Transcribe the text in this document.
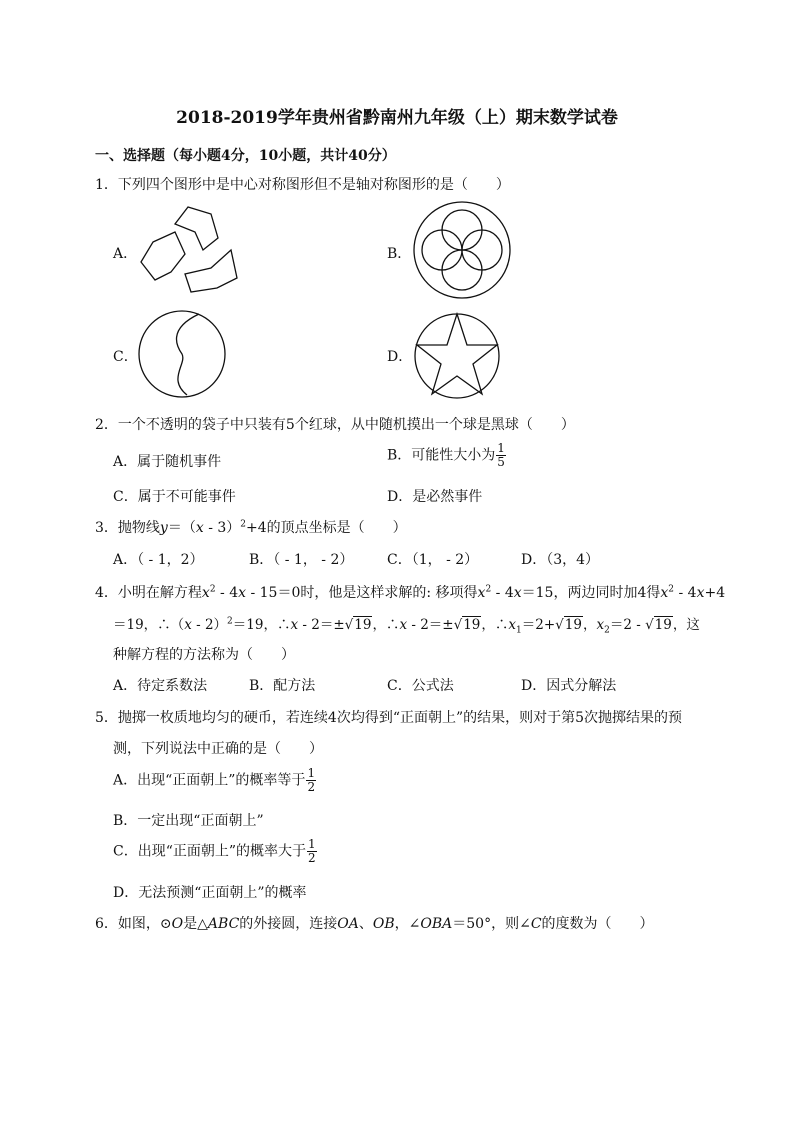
2018-2019学年贵州省黔南州九年级（上）期末数学试卷
一、选择题（每小题4分，10小题，共计40分）
1．下列四个图形中是中心对称图形但不是轴对称图形的是（　　）
A．	B．
C．	D．
2．一个不透明的袋子中只装有5个红球，从中随机摸出一个球是黑球（　　）
A．属于随机事件	B．可能性大小为 $\frac{1}{5}$
C．属于不可能事件	D．是必然事件
3．抛物线y＝（x - 3）$^2$+4的顶点坐标是（　　）
A．（ - 1，2）	B．（ - 1， - 2） C．（1， - 2）	D．（3，4）
4．小明在解方程$x^2 - 4x - 15=0$时，他是这样求解的: 移项得$x^2 - 4x=15$，两边同时加4得$x^2 - 4x+4$
＝19，∴（x - 2）$^2$＝19，∴x - 2＝±√19，∴x - 2＝±√19，$\therefore x_1=2+√19$，$x_2=2 - √19$，这
种解方程的方法称为（　　）
A．待定系数法	B．配方法	C．公式法	D．因式分解法
5．抛掷一枚质地均匀的硬币，若连续4次均得到“正面朝上”的结果，则对于第5次抛掷结果的预
测，下列说法中正确的是（　　）
A．出现“正面朝上”的概率等于 $\frac{1}{2}$
B．一定出现“正面朝上”
C．出现“正面朝上”的概率大于 $\frac{1}{2}$
D．无法预测“正面朝上”的概率
6．如图，⊙O是△ABC的外接圆，连接OA、OB，∠OBA＝50°，则∠C的度数为（　　）
